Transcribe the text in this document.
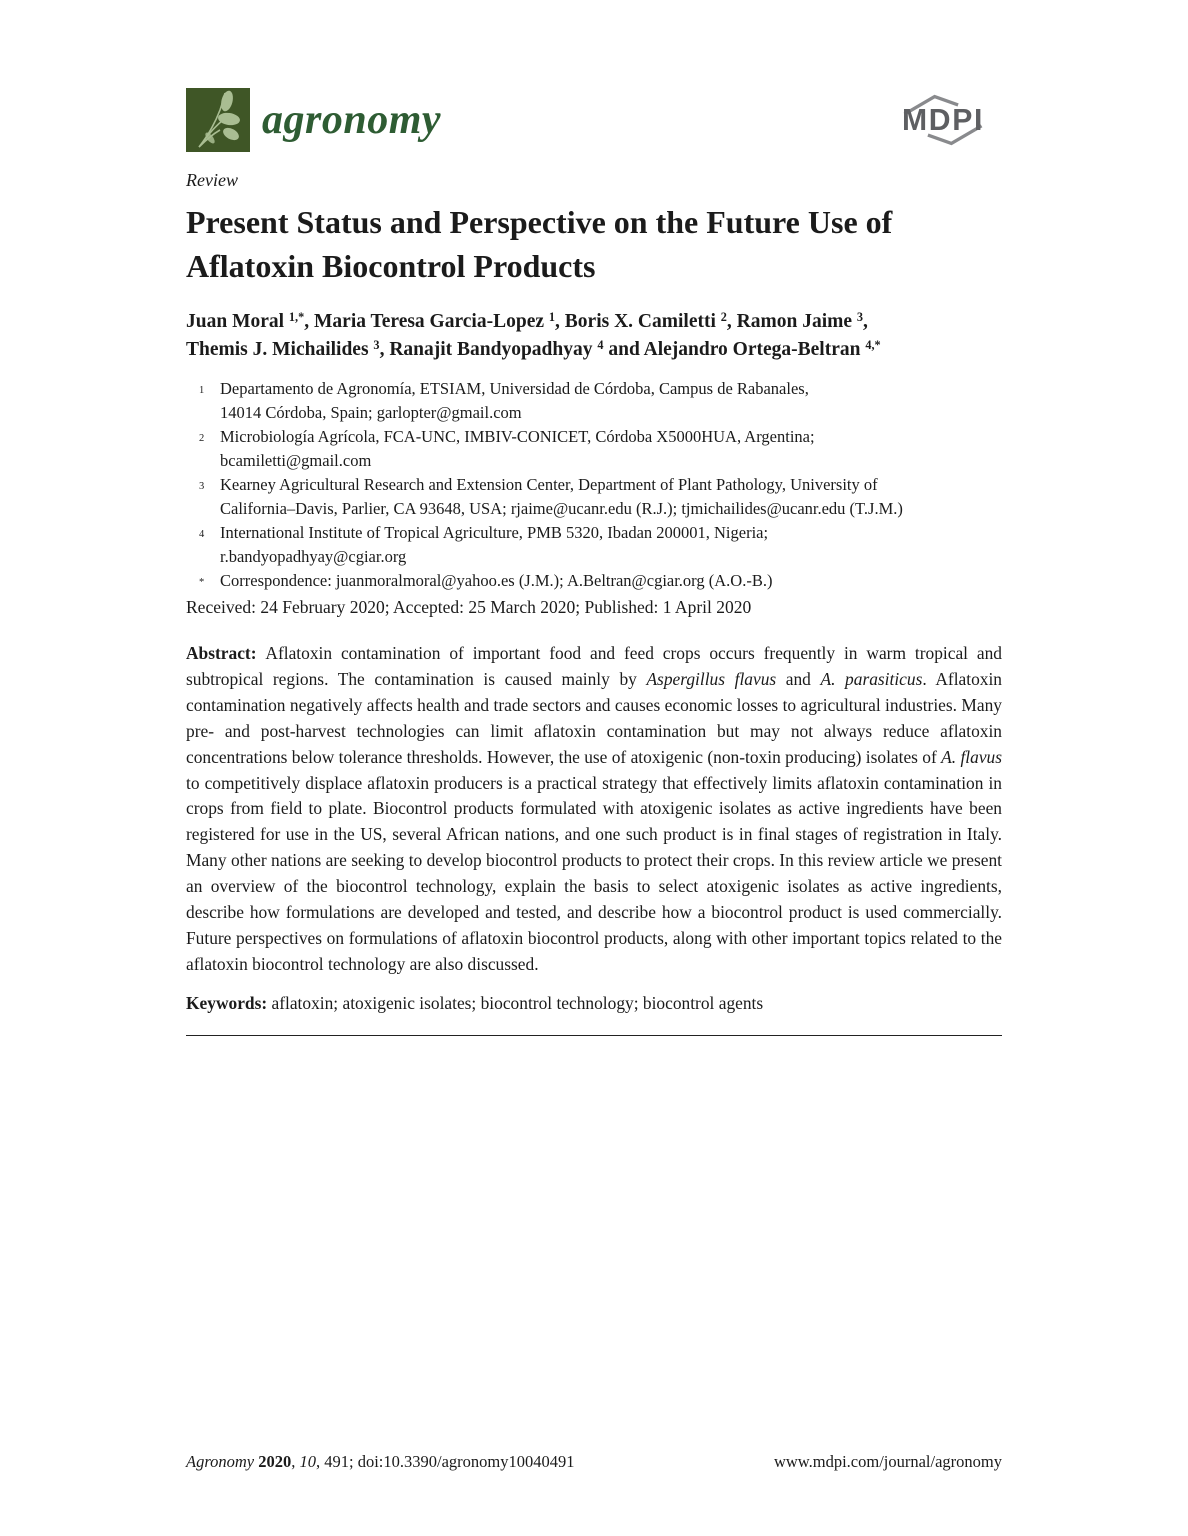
agronomy	MDPI
Review
Present Status and Perspective on the Future Use of Aflatoxin Biocontrol Products
Juan Moral $^{1,*}$, Maria Teresa Garcia-Lopez $^1$, Boris X. Camiletti $^2$, Ramon Jaime $^3$,
Themis J. Michailides $^3$, Ranajit Bandyopadhyay $^4$ and Alejandro Ortega-Beltran $^{4,*}$
1 Departamento de Agronomía, ETSIAM, Universidad de Córdoba, Campus de Rabanales,
14014 Córdoba, Spain; garlopter@gmail.com
2 Microbiología Agrícola, FCA-UNC, IMBIV-CONICET, Córdoba X5000HUA, Argentina;
bcamiletti@gmail.com
3 Kearney Agricultural Research and Extension Center, Department of Plant Pathology, University of
California–Davis, Parlier, CA 93648, USA; rjaime@ucanr.edu (R.J.); tjmichailides@ucanr.edu (T.J.M.)
4 International Institute of Tropical Agriculture, PMB 5320, Ibadan 200001, Nigeria;
r.bandyopadhyay@cgiar.org
* Correspondence: juanmoralmoral@yahoo.es (J.M.); A.Beltran@cgiar.org (A.O.-B.)
Received: 24 February 2020; Accepted: 25 March 2020; Published: 1 April 2020

Abstract: Aflatoxin contamination of important food and feed crops occurs frequently in warm tropical and subtropical regions. The contamination is caused mainly by Aspergillus flavus and A. parasiticus. Aflatoxin contamination negatively affects health and trade sectors and causes economic losses to agricultural industries. Many pre- and post-harvest technologies can limit aflatoxin contamination but may not always reduce aflatoxin concentrations below tolerance thresholds. However, the use of atoxigenic (non-toxin producing) isolates of A. flavus to competitively displace aflatoxin producers is a practical strategy that effectively limits aflatoxin contamination in crops from field to plate. Biocontrol products formulated with atoxigenic isolates as active ingredients have been registered for use in the US, several African nations, and one such product is in final stages of registration in Italy. Many other nations are seeking to develop biocontrol products to protect their crops. In this review article we present an overview of the biocontrol technology, explain the basis to select atoxigenic isolates as active ingredients, describe how formulations are developed and tested, and describe how a biocontrol product is used commercially. Future perspectives on formulations of aflatoxin biocontrol products, along with other important topics related to the aflatoxin biocontrol technology are also discussed.

Keywords: aflatoxin; atoxigenic isolates; biocontrol technology; biocontrol agents

Agronomy 2020, 10, 491; doi:10.3390/agronomy10040491	www.mdpi.com/journal/agronomy
